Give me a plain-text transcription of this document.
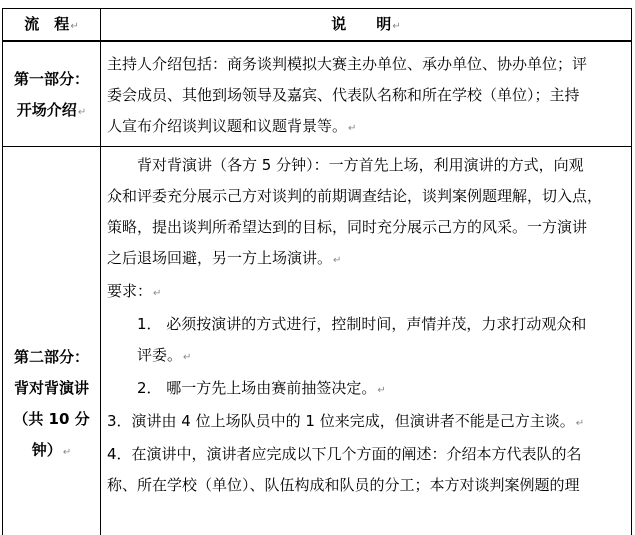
流　程↵	说　　明↵
第一部分：
开场介绍↵
主持人介绍包括：商务谈判模拟大赛主办单位、承办单位、协办单位；评
委会成员、其他到场领导及嘉宾、代表队名称和所在学校（单位）；主持
人宣布介绍谈判议题和议题背景等。↵
第二部分：
背对背演讲
（共 10 分
钟）↵
　　背对背演讲（各方 5 分钟）：一方首先上场，利用演讲的方式，向观
众和评委充分展示己方对谈判的前期调查结论，谈判案例题理解，切入点，
策略，提出谈判所希望达到的目标，同时充分展示己方的风采。一方演讲
之后退场回避，另一方上场演讲。↵
要求：↵
　　1． 必须按演讲的方式进行，控制时间，声情并茂，力求打动观众和
　　评委。↵
　　2． 哪一方先上场由赛前抽签决定。↵
3．演讲由 4 位上场队员中的 1 位来完成，但演讲者不能是己方主谈。↵
4．在演讲中，演讲者应完成以下几个方面的阐述：介绍本方代表队的名
称、所在学校（单位）、队伍构成和队员的分工；本方对谈判案例题的理
